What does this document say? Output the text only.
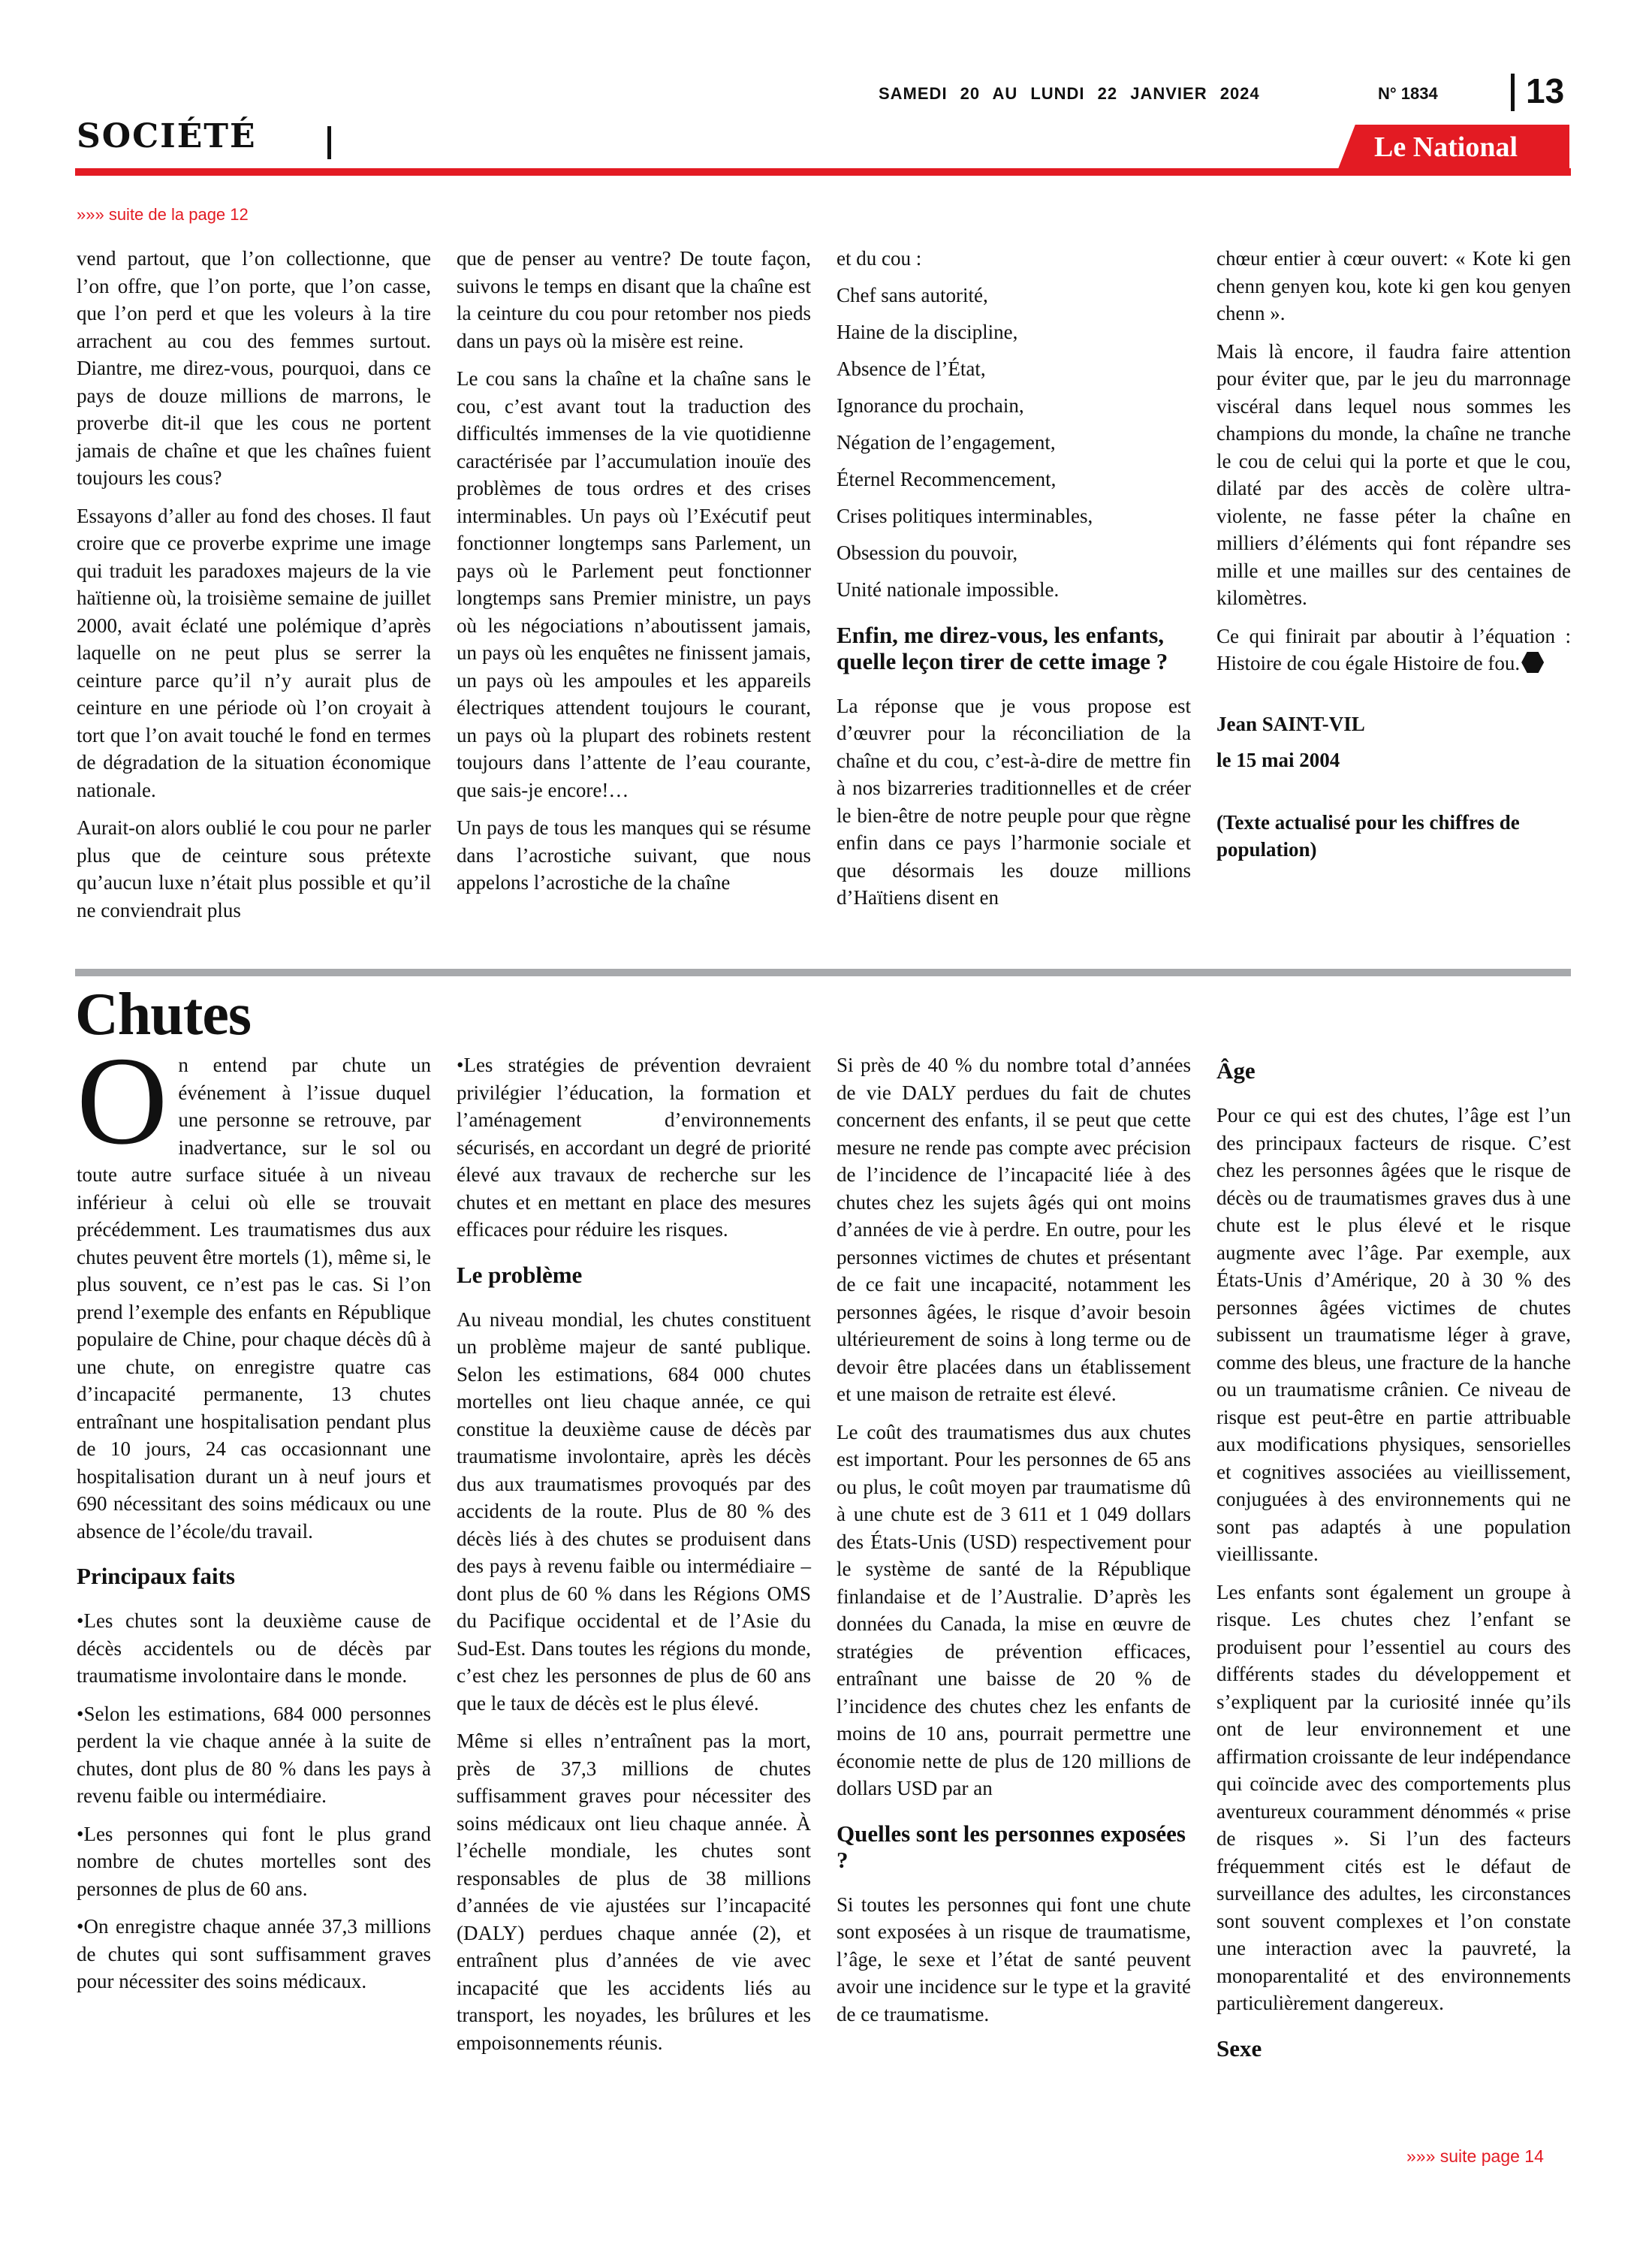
SAMEDI 20 AU LUNDI 22 JANVIER 2024	N° 1834	13
SOCIÉTÉ	Le National
»»» suite de la page 12

vend partout, que l’on collectionne, que l’on offre, que l’on porte, que l’on casse, que l’on perd et que les voleurs à la tire arrachent au cou des femmes surtout. Diantre, me direz-vous, pourquoi, dans ce pays de douze millions de marrons, le proverbe dit-il que les cous ne portent jamais de chaîne et que les chaînes fuient toujours les cous?

Essayons d’aller au fond des choses. Il faut croire que ce proverbe exprime une image qui traduit les paradoxes majeurs de la vie haïtienne où, la troisième semaine de juillet 2000, avait éclaté une polémique d’après laquelle on ne peut plus se serrer la ceinture parce qu’il n’y aurait plus de ceinture en une période où l’on croyait à tort que l’on avait touché le fond en termes de dégradation de la situation économique nationale.

Aurait-on alors oublié le cou pour ne parler plus que de ceinture sous prétexte qu’aucun luxe n’était plus possible et qu’il ne conviendrait plus

que de penser au ventre? De toute façon, suivons le temps en disant que la chaîne est la ceinture du cou pour retomber nos pieds dans un pays où la misère est reine.

Le cou sans la chaîne et la chaîne sans le cou, c’est avant tout la traduction des difficultés immenses de la vie quotidienne caractérisée par l’accumulation inouïe des problèmes de tous ordres et des crises interminables. Un pays où l’Exécutif peut fonctionner longtemps sans Parlement, un pays où le Parlement peut fonctionner longtemps sans Premier ministre, un pays où les négociations n’aboutissent jamais, un pays où les enquêtes ne finissent jamais, un pays où les ampoules et les appareils électriques attendent toujours le courant, un pays où la plupart des robinets restent toujours dans l’attente de l’eau courante, que sais-je encore!…

Un pays de tous les manques qui se résume dans l’acrostiche suivant, que nous appelons l’acrostiche de la chaîne

et du cou :

Chef sans autorité,

Haine de la discipline,

Absence de l’État,

Ignorance du prochain,

Négation de l’engagement,

Éternel Recommencement,

Crises politiques interminables,

Obsession du pouvoir,

Unité nationale impossible.

Enfin, me direz-vous, les enfants, quelle leçon tirer de cette image ?

La réponse que je vous propose est d’œuvrer pour la réconciliation de la chaîne et du cou, c’est-à-dire de mettre fin à nos bizarreries traditionnelles et de créer le bien-être de notre peuple pour que règne enfin dans ce pays l’harmonie sociale et que désormais les douze millions d’Haïtiens disent en

chœur entier à cœur ouvert: « Kote ki gen chenn genyen kou, kote ki gen kou genyen chenn ».

Mais là encore, il faudra faire attention pour éviter que, par le jeu du marronnage viscéral dans lequel nous sommes les champions du monde, la chaîne ne tranche le cou de celui qui la porte et que le cou, dilaté par des accès de colère ultra-violente, ne fasse péter la chaîne en milliers d’éléments qui font répandre ses mille et une mailles sur des centaines de kilomètres.

Ce qui finirait par aboutir à l’équation : Histoire de cou égale Histoire de fou.

Jean SAINT-VIL

le 15 mai 2004

(Texte actualisé pour les chiffres de population)

Chutes

On entend par chute un événement à l’issue duquel une personne se retrouve, par inadvertance, sur le sol ou toute autre surface située à un niveau inférieur à celui où elle se trouvait précédemment. Les traumatismes dus aux chutes peuvent être mortels (1), même si, le plus souvent, ce n’est pas le cas. Si l’on prend l’exemple des enfants en République populaire de Chine, pour chaque décès dû à une chute, on enregistre quatre cas d’incapacité permanente, 13 chutes entraînant une hospitalisation pendant plus de 10 jours, 24 cas occasionnant une hospitalisation durant un à neuf jours et 690 nécessitant des soins médicaux ou une absence de l’école/du travail.

Principaux faits

•Les chutes sont la deuxième cause de décès accidentels ou de décès par traumatisme involontaire dans le monde.

•Selon les estimations, 684 000 personnes perdent la vie chaque année à la suite de chutes, dont plus de 80 % dans les pays à revenu faible ou intermédiaire.

•Les personnes qui font le plus grand nombre de chutes mortelles sont des personnes de plus de 60 ans.

•On enregistre chaque année 37,3 millions de chutes qui sont suffisamment graves pour nécessiter des soins médicaux.

•Les stratégies de prévention devraient privilégier l’éducation, la formation et l’aménagement d’environnements sécurisés, en accordant un degré de priorité élevé aux travaux de recherche sur les chutes et en mettant en place des mesures efficaces pour réduire les risques.

Le problème

Au niveau mondial, les chutes constituent un problème majeur de santé publique. Selon les estimations, 684 000 chutes mortelles ont lieu chaque année, ce qui constitue la deuxième cause de décès par traumatisme involontaire, après les décès dus aux traumatismes provoqués par des accidents de la route. Plus de 80 % des décès liés à des chutes se produisent dans des pays à revenu faible ou intermédiaire – dont plus de 60 % dans les Régions OMS du Pacifique occidental et de l’Asie du Sud-Est. Dans toutes les régions du monde, c’est chez les personnes de plus de 60 ans que le taux de décès est le plus élevé.

Même si elles n’entraînent pas la mort, près de 37,3 millions de chutes suffisamment graves pour nécessiter des soins médicaux ont lieu chaque année. À l’échelle mondiale, les chutes sont responsables de plus de 38 millions d’années de vie ajustées sur l’incapacité (DALY) perdues chaque année (2), et entraînent plus d’années de vie avec incapacité que les accidents liés au transport, les noyades, les brûlures et les empoisonnements réunis.

Si près de 40 % du nombre total d’années de vie DALY perdues du fait de chutes concernent des enfants, il se peut que cette mesure ne rende pas compte avec précision de l’incidence de l’incapacité liée à des chutes chez les sujets âgés qui ont moins d’années de vie à perdre. En outre, pour les personnes victimes de chutes et présentant de ce fait une incapacité, notamment les personnes âgées, le risque d’avoir besoin ultérieurement de soins à long terme ou de devoir être placées dans un établissement et une maison de retraite est élevé.

Le coût des traumatismes dus aux chutes est important. Pour les personnes de 65 ans ou plus, le coût moyen par traumatisme dû à une chute est de 3 611 et 1 049 dollars des États-Unis (USD) respectivement pour le système de santé de la République finlandaise et de l’Australie. D’après les données du Canada, la mise en œuvre de stratégies de prévention efficaces, entraînant une baisse de 20 % de l’incidence des chutes chez les enfants de moins de 10 ans, pourrait permettre une économie nette de plus de 120 millions de dollars USD par an

Quelles sont les personnes exposées ?

Si toutes les personnes qui font une chute sont exposées à un risque de traumatisme, l’âge, le sexe et l’état de santé peuvent avoir une incidence sur le type et la gravité de ce traumatisme.

Âge

Pour ce qui est des chutes, l’âge est l’un des principaux facteurs de risque. C’est chez les personnes âgées que le risque de décès ou de traumatismes graves dus à une chute est le plus élevé et le risque augmente avec l’âge. Par exemple, aux États-Unis d’Amérique, 20 à 30 % des personnes âgées victimes de chutes subissent un traumatisme léger à grave, comme des bleus, une fracture de la hanche ou un traumatisme crânien. Ce niveau de risque est peut-être en partie attribuable aux modifications physiques, sensorielles et cognitives associées au vieillissement, conjuguées à des environnements qui ne sont pas adaptés à une population vieillissante.

Les enfants sont également un groupe à risque. Les chutes chez l’enfant se produisent pour l’essentiel au cours des différents stades du développement et s’expliquent par la curiosité innée qu’ils ont de leur environnement et une affirmation croissante de leur indépendance qui coïncide avec des comportements plus aventureux couramment dénommés « prise de risques ». Si l’un des facteurs fréquemment cités est le défaut de surveillance des adultes, les circonstances sont souvent complexes et l’on constate une interaction avec la pauvreté, la monoparentalité et des environnements particulièrement dangereux.

Sexe
»»» suite page 14
